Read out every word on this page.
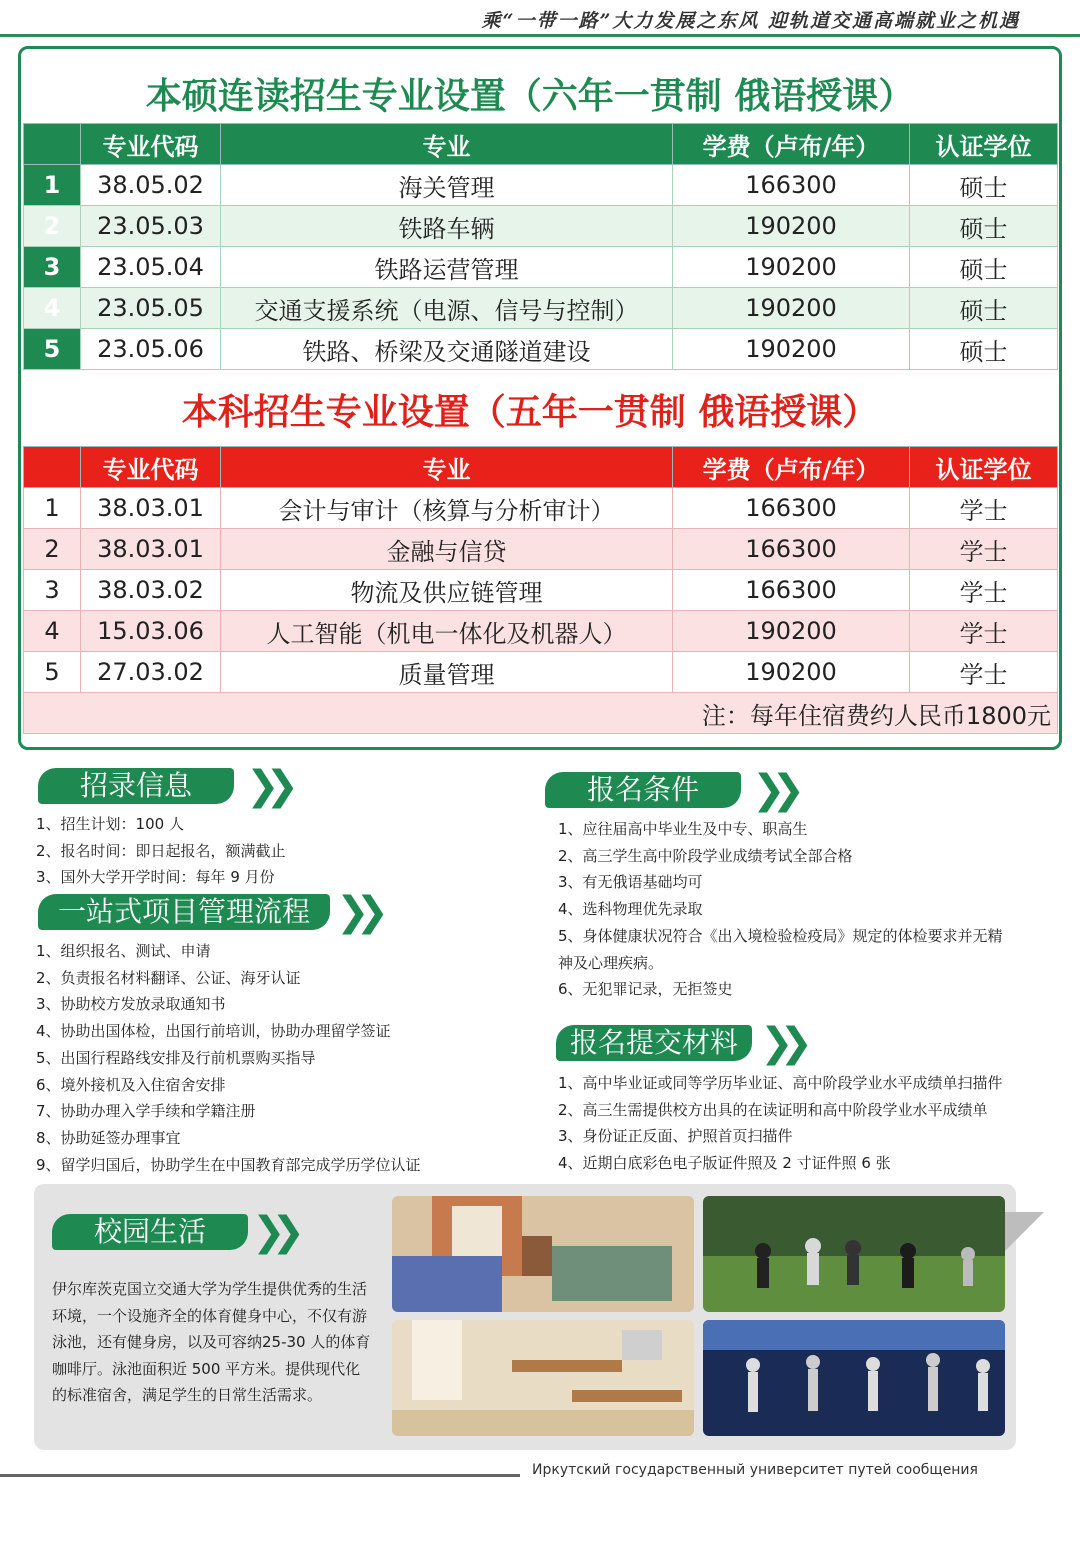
乘“一带一路”大力发展之东风 迎轨道交通高端就业之机遇
本硕连读招生专业设置（六年一贯制 俄语授课）
	专业代码	专业	学费（卢布/年）	认证学位
1	38.05.02	海关管理	166300	硕士
2	23.05.03	铁路车辆	190200	硕士
3	23.05.04	铁路运营管理	190200	硕士
4	23.05.05	交通支援系统（电源、信号与控制）	190200	硕士
5	23.05.06	铁路、桥梁及交通隧道建设	190200	硕士
本科招生专业设置（五年一贯制 俄语授课）
	专业代码	专业	学费（卢布/年）	认证学位
1	38.03.01	会计与审计（核算与分析审计）	166300	学士
2	38.03.01	金融与信贷	166300	学士
3	38.03.02	物流及供应链管理	166300	学士
4	15.03.06	人工智能（机电一体化及机器人）	190200	学士
5	27.03.02	质量管理	190200	学士
注：每年住宿费约人民币1800元				
招录信息	❯❯
1、招生计划：100 人
2、报名时间：即日起报名，额满截止
3、国外大学开学时间：每年 9 月份
一站式项目管理流程 ❯❯
1、组织报名、测试、申请
2、负责报名材料翻译、公证、海牙认证
3、协助校方发放录取通知书
4、协助出国体检，出国行前培训，协助办理留学签证
5、出国行程路线安排及行前机票购买指导
6、境外接机及入住宿舍安排
7、协助办理入学手续和学籍注册
8、协助延签办理事宜
9、留学归国后，协助学生在中国教育部完成学历学位认证
报名条件	❯❯
1、应往届高中毕业生及中专、职高生
2、高三学生高中阶段学业成绩考试全部合格
3、有无俄语基础均可
4、选科物理优先录取
5、身体健康状况符合《出入境检验检疫局》规定的体检要求并无精
神及心理疾病。
6、无犯罪记录，无拒签史
报名提交材料 ❯❯
1、高中毕业证或同等学历毕业证、高中阶段学业水平成绩单扫描件
2、高三生需提供校方出具的在读证明和高中阶段学业水平成绩单
3、身份证正反面、护照首页扫描件
4、近期白底彩色电子版证件照及 2 寸证件照 6 张
校园生活	❯❯
伊尔库茨克国立交通大学为学生提供优秀的生活环境，一个设施齐全的体育健身中心，不仅有游泳池，还有健身房，以及可容纳25-30 人的体育咖啡厅。泳池面积近 500 平方米。提供现代化的标准宿舍，满足学生的日常生活需求。
Иркутский государственный университет путей сообщения
